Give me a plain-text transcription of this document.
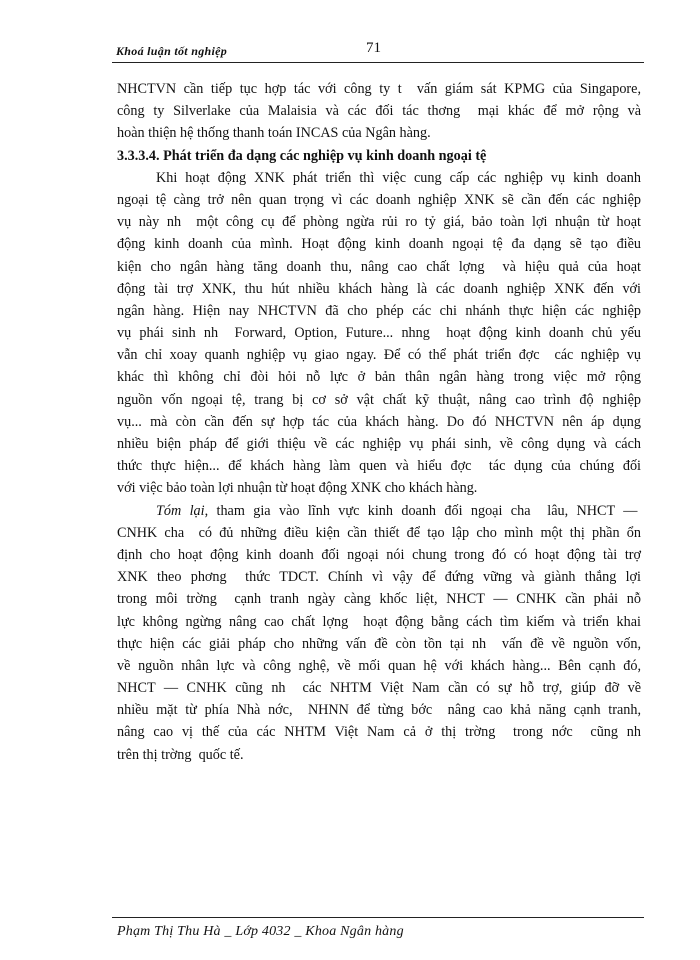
Khoá luận tốt nghiệp	71
NHCTVN cần tiếp tục hợp tác với công ty t  vấn giám sát KPMG của Singapore,
công ty Silverlake của Malaisia và các đối tác thơng  mại khác để mở rộng và
hoàn thiện hệ thống thanh toán INCAS của Ngân hàng.
3.3.3.4. Phát triển đa dạng các nghiệp vụ kinh doanh ngoại tệ
Khi hoạt động XNK phát triển thì việc cung cấp các nghiệp vụ kinh doanh
ngoại tệ càng trở nên quan trọng vì các doanh nghiệp XNK sẽ cần đến các nghiệp
vụ này nh  một công cụ để phòng ngừa rủi ro tỷ giá, bảo toàn lợi nhuận từ hoạt
động kinh doanh của mình. Hoạt động kinh doanh ngoại tệ đa dạng sẽ tạo điều
kiện cho ngân hàng tăng doanh thu, nâng cao chất lợng  và hiệu quả của hoạt
động tài trợ XNK, thu hút nhiều khách hàng là các doanh nghiệp XNK đến với
ngân hàng. Hiện nay NHCTVN đã cho phép các chi nhánh thực hiện các nghiệp
vụ phái sinh nh  Forward, Option, Future... nhng  hoạt động kinh doanh chủ yếu
vẫn chỉ xoay quanh nghiệp vụ giao ngay. Để có thể phát triển đợc  các nghiệp vụ
khác thì không chỉ đòi hỏi nỗ lực ở bản thân ngân hàng trong việc mở rộng
nguồn vốn ngoại tệ, trang bị cơ sở vật chất kỹ thuật, nâng cao trình độ nghiệp
vụ... mà còn cần đến sự hợp tác của khách hàng. Do đó NHCTVN nên áp dụng
nhiều biện pháp để giới thiệu về các nghiệp vụ phái sinh, về công dụng và cách
thức thực hiện... để khách hàng làm quen và hiểu đợc  tác dụng của chúng đối
với việc bảo toàn lợi nhuận từ hoạt động XNK cho khách hàng.
Tóm lại, tham gia vào lĩnh vực kinh doanh đối ngoại cha  lâu, NHCT —
CNHK cha  có đủ những điều kiện cần thiết để tạo lập cho mình một thị phần ổn
định cho hoạt động kinh doanh đối ngoại nói chung trong đó có hoạt động tài trợ
XNK theo phơng  thức TDCT. Chính vì vậy để đứng vững và giành thắng lợi
trong môi trờng  cạnh tranh ngày càng khốc liệt, NHCT — CNHK cần phải nỗ
lực không ngừng nâng cao chất lợng  hoạt động bằng cách tìm kiếm và triển khai
thực hiện các giải pháp cho những vấn đề còn tồn tại nh  vấn đề về nguồn vốn,
về nguồn nhân lực và công nghệ, về mối quan hệ với khách hàng... Bên cạnh đó,
NHCT — CNHK cũng nh  các NHTM Việt Nam cần có sự hỗ trợ, giúp đỡ về
nhiều mặt từ phía Nhà nớc,  NHNN để từng bớc  nâng cao khả năng cạnh tranh,
nâng cao vị thế của các NHTM Việt Nam cả ở thị trờng  trong nớc  cũng nh
trên thị trờng  quốc tế.
Phạm Thị Thu Hà _ Lớp 4032 _ Khoa Ngân hàng
